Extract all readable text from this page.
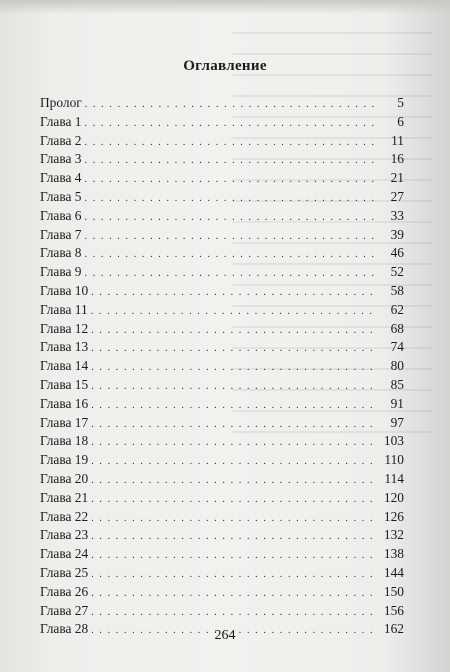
Оглавление
Пролог . . .	5
Глава 1 . . .	6
Глава 2 . . .	11
Глава 3 . . .	16
Глава 4 . . .	21
Глава 5 . . .	27
Глава 6 . . .	33
Глава 7 . . .	39
Глава 8 . . .	46
Глава 9 . . .	52
Глава 10 . . .	58
Глава 11 . . .	62
Глава 12 . . .	68
Глава 13 . . .	74
Глава 14 . . .	80
Глава 15 . . .	85
Глава 16 . . .	91
Глава 17 . . .	97
Глава 18 . . .	103
Глава 19 . . .	110
Глава 20 . . .	114
Глава 21 . . .	120
Глава 22 . . .	126
Глава 23 . . .	132
Глава 24 . . .	138
Глава 25 . . .	144
Глава 26 . . .	150
Глава 27 . . .	156
Глава 28 . . .	162
264
